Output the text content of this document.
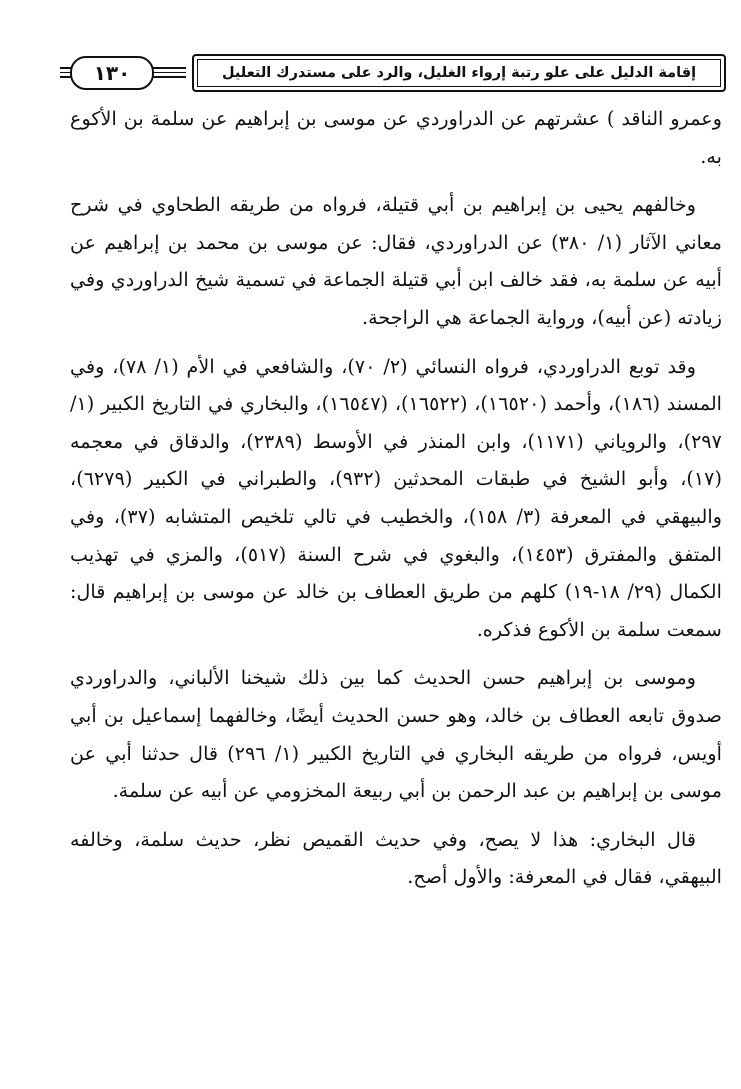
١٣٠	إقامة الدليل على علو رتبة إرواء الغليل، والرد على مستدرك التعليل

وعمرو الناقد ) عشرتهم عن الدراوردي عن موسى بن إبراهيم عن سلمة بن الأكوع به.

وخالفهم يحيى بن إبراهيم بن أبي قتيلة، فرواه من طريقه الطحاوي في شرح معاني الآثار (١/ ٣٨٠) عن الدراوردي، فقال: عن موسى بن محمد بن إبراهيم عن أبيه عن سلمة به، فقد خالف ابن أبي قتيلة الجماعة في تسمية شيخ الدراوردي وفي زيادته (عن أبيه)، ورواية الجماعة هي الراجحة.

وقد توبع الدراوردي، فرواه النسائي (٢/ ٧٠)، والشافعي في الأم (١/ ٧٨)، وفي المسند (١٨٦)، وأحمد (١٦٥٢٠)، (١٦٥٢٢)، (١٦٥٤٧)، والبخاري في التاريخ الكبير (١/ ٢٩٧)، والروياني (١١٧١)، وابن المنذر في الأوسط (٢٣٨٩)، والدقاق في معجمه (١٧)، وأبو الشيخ في طبقات المحدثين (٩٣٢)، والطبراني في الكبير (٦٢٧٩)، والبيهقي في المعرفة (٣/ ١٥٨)، والخطيب في تالي تلخيص المتشابه (٣٧)، وفي المتفق والمفترق (١٤٥٣)، والبغوي في شرح السنة (٥١٧)، والمزي في تهذيب الكمال (٢٩/ ١٨-١٩) كلهم من طريق العطاف بن خالد عن موسى بن إبراهيم قال: سمعت سلمة بن الأكوع فذكره.

وموسى بن إبراهيم حسن الحديث كما بين ذلك شيخنا الألباني، والدراوردي صدوق تابعه العطاف بن خالد، وهو حسن الحديث أيضًا، وخالفهما إسماعيل بن أبي أويس، فرواه من طريقه البخاري في التاريخ الكبير (١/ ٢٩٦) قال حدثنا أبي عن موسى بن إبراهيم بن عبد الرحمن بن أبي ربيعة المخزومي عن أبيه عن سلمة.

قال البخاري: هذا لا يصح، وفي حديث القميص نظر، حديث سلمة، وخالفه البيهقي، فقال في المعرفة: والأول أصح.
